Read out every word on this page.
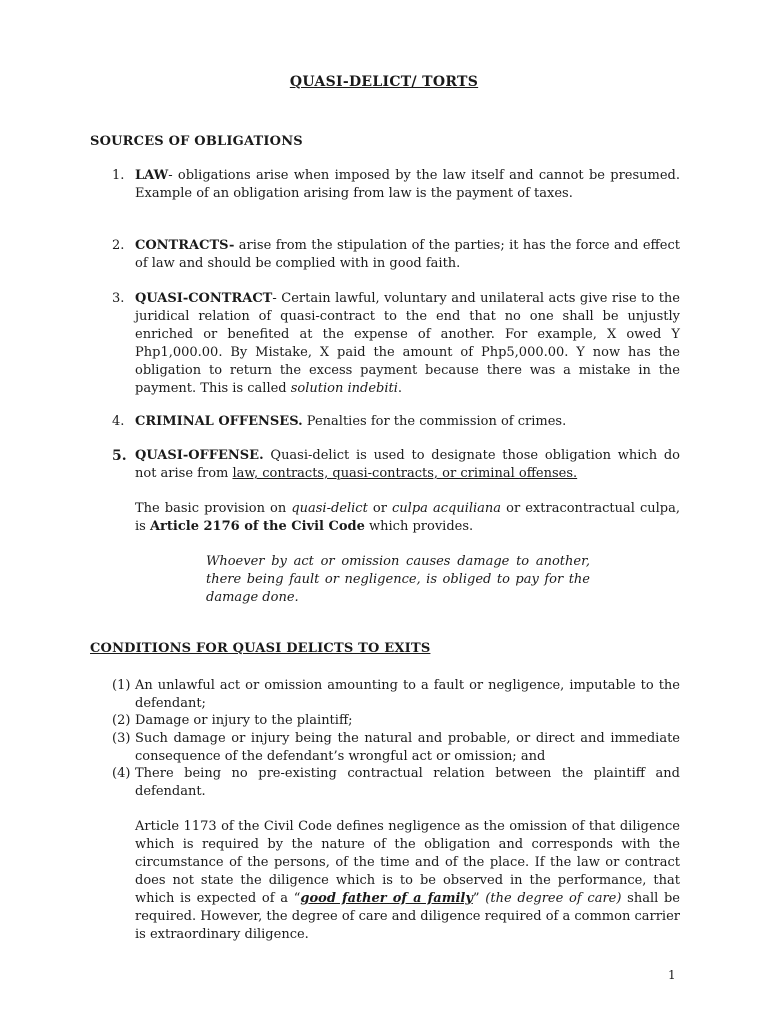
QUASI-DELICT/ TORTS
SOURCES OF OBLIGATIONS
1. LAW- obligations arise when imposed by the law itself and cannot be presumed. Example of an obligation arising from law is the payment of taxes.
2. CONTRACTS- arise from the stipulation of the parties; it has the force and effect of law and should be complied with in good faith.
3. QUASI-CONTRACT- Certain lawful, voluntary and unilateral acts give rise to the juridical relation of quasi-contract to the end that no one shall be unjustly enriched or benefited at the expense of another. For example, X owed Y Php1,000.00. By Mistake, X paid the amount of Php5,000.00. Y now has the obligation to return the excess payment because there was a mistake in the payment. This is called solution indebiti.
4. CRIMINAL OFFENSES. Penalties for the commission of crimes.
5. QUASI-OFFENSE. Quasi-delict is used to designate those obligation which do not arise from law, contracts, quasi-contracts, or criminal offenses.
The basic provision on quasi-delict or culpa acquiliana or extracontractual culpa, is Article 2176 of the Civil Code which provides.
Whoever by act or omission causes damage to another, there being fault or negligence, is obliged to pay for the damage done.
CONDITIONS FOR QUASI DELICTS TO EXITS
(1) An unlawful act or omission amounting to a fault or negligence, imputable to the defendant;
(2) Damage or injury to the plaintiff;
(3) Such damage or injury being the natural and probable, or direct and immediate consequence of the defendant’s wrongful act or omission; and
(4) There being no pre-existing contractual relation between the plaintiff and defendant.
Article 1173 of the Civil Code defines negligence as the omission of that diligence which is required by the nature of the obligation and corresponds with the circumstance of the persons, of the time and of the place. If the law or contract does not state the diligence which is to be observed in the performance, that which is expected of a “good father of a family” (the degree of care) shall be required. However, the degree of care and diligence required of a common carrier is extraordinary diligence.
1
